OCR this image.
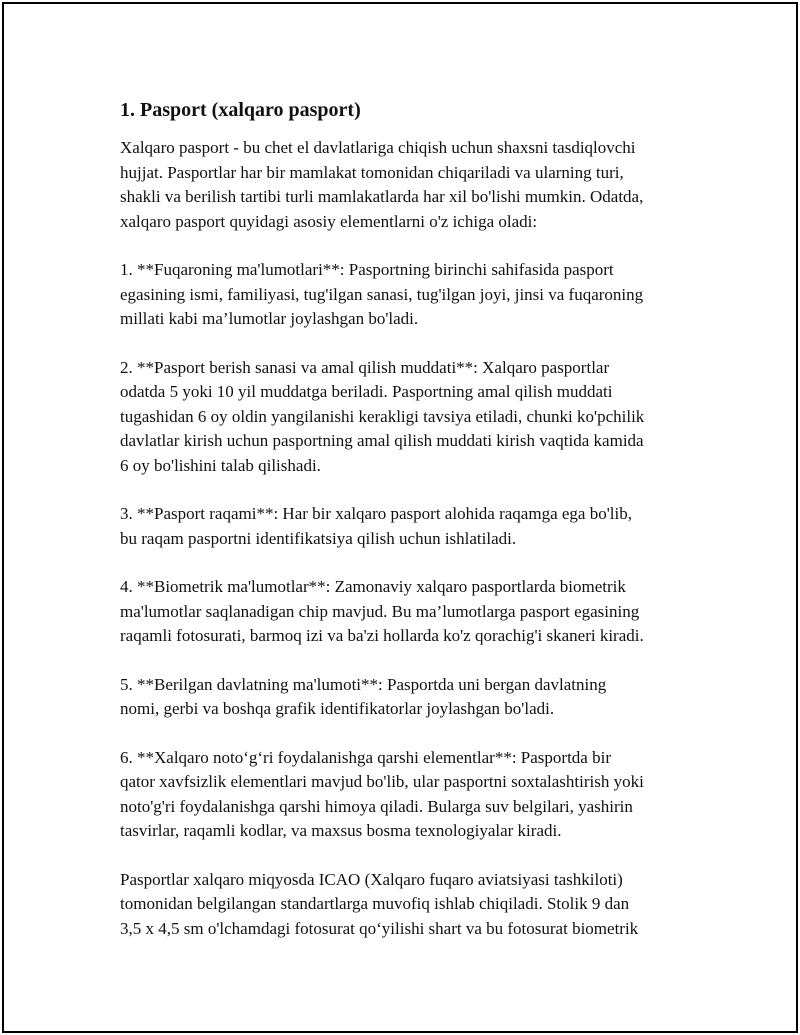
1. Pasport (xalqaro pasport)

Xalqaro pasport - bu chet el davlatlariga chiqish uchun shaxsni tasdiqlovchi
hujjat. Pasportlar har bir mamlakat tomonidan chiqariladi va ularning turi,
shakli va berilish tartibi turli mamlakatlarda har xil bo'lishi mumkin. Odatda,
xalqaro pasport quyidagi asosiy elementlarni o'z ichiga oladi:

1. **Fuqaroning ma'lumotlari**: Pasportning birinchi sahifasida pasport
egasining ismi, familiyasi, tug'ilgan sanasi, tug'ilgan joyi, jinsi va fuqaroning
millati kabi ma’lumotlar joylashgan bo'ladi.

2. **Pasport berish sanasi va amal qilish muddati**: Xalqaro pasportlar
odatda 5 yoki 10 yil muddatga beriladi. Pasportning amal qilish muddati
tugashidan 6 oy oldin yangilanishi kerakligi tavsiya etiladi, chunki ko'pchilik
davlatlar kirish uchun pasportning amal qilish muddati kirish vaqtida kamida
6 oy bo'lishini talab qilishadi.

3. **Pasport raqami**: Har bir xalqaro pasport alohida raqamga ega bo'lib,
bu raqam pasportni identifikatsiya qilish uchun ishlatiladi.

4. **Biometrik ma'lumotlar**: Zamonaviy xalqaro pasportlarda biometrik
ma'lumotlar saqlanadigan chip mavjud. Bu ma’lumotlarga pasport egasining
raqamli fotosurati, barmoq izi va ba'zi hollarda ko'z qorachig'i skaneri kiradi.

5. **Berilgan davlatning ma'lumoti**: Pasportda uni bergan davlatning
nomi, gerbi va boshqa grafik identifikatorlar joylashgan bo'ladi.

6. **Xalqaro noto‘g‘ri foydalanishga qarshi elementlar**: Pasportda bir
qator xavfsizlik elementlari mavjud bo'lib, ular pasportni soxtalashtirish yoki
noto'g'ri foydalanishga qarshi himoya qiladi. Bularga suv belgilari, yashirin
tasvirlar, raqamli kodlar, va maxsus bosma texnologiyalar kiradi.

Pasportlar xalqaro miqyosda ICAO (Xalqaro fuqaro aviatsiyasi tashkiloti)
tomonidan belgilangan standartlarga muvofiq ishlab chiqiladi. Stolik 9 dan
3,5 x 4,5 sm o'lchamdagi fotosurat qo‘yilishi shart va bu fotosurat biometrik
